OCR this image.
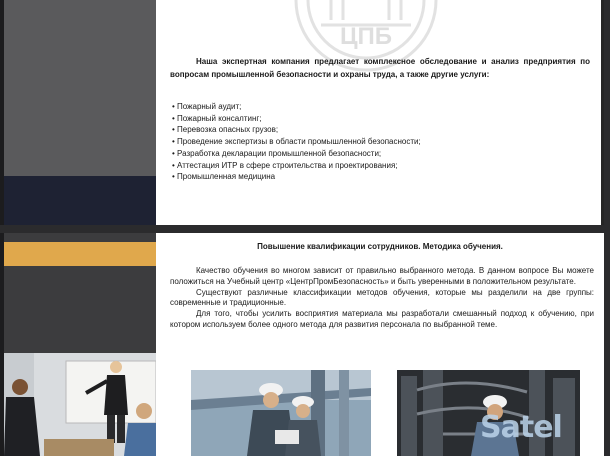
ЦПБ

Наша экспертная компания предлагает комплексное обследование и анализ предприятия по вопросам промышленной безопасности и охраны труда, а также другие услуги:

• Пожарный аудит;
• Пожарный консалтинг;
• Перевозка опасных грузов;
• Проведение экспертизы в области промышленной безопасности;
• Разработка декларации промышленной безопасности;
• Аттестация ИТР в сфере строительства и проектирования;
• Промышленная медицина

Повышение квалификации сотрудников. Методика обучения.

Качество обучения во многом зависит от правильно выбранного метода. В данном вопросе Вы можете положиться на Учебный центр «ЦентрПромБезопасность» и быть уверенными в положительном результате.

Существуют различные классификации методов обучения, которые мы разделили на две группы: современные и традиционные.

Для того, чтобы усилить восприятия материала мы разработали смешанный подход к обучению, при котором используем более одного метода для развития персонала по выбранной теме.

Satel
